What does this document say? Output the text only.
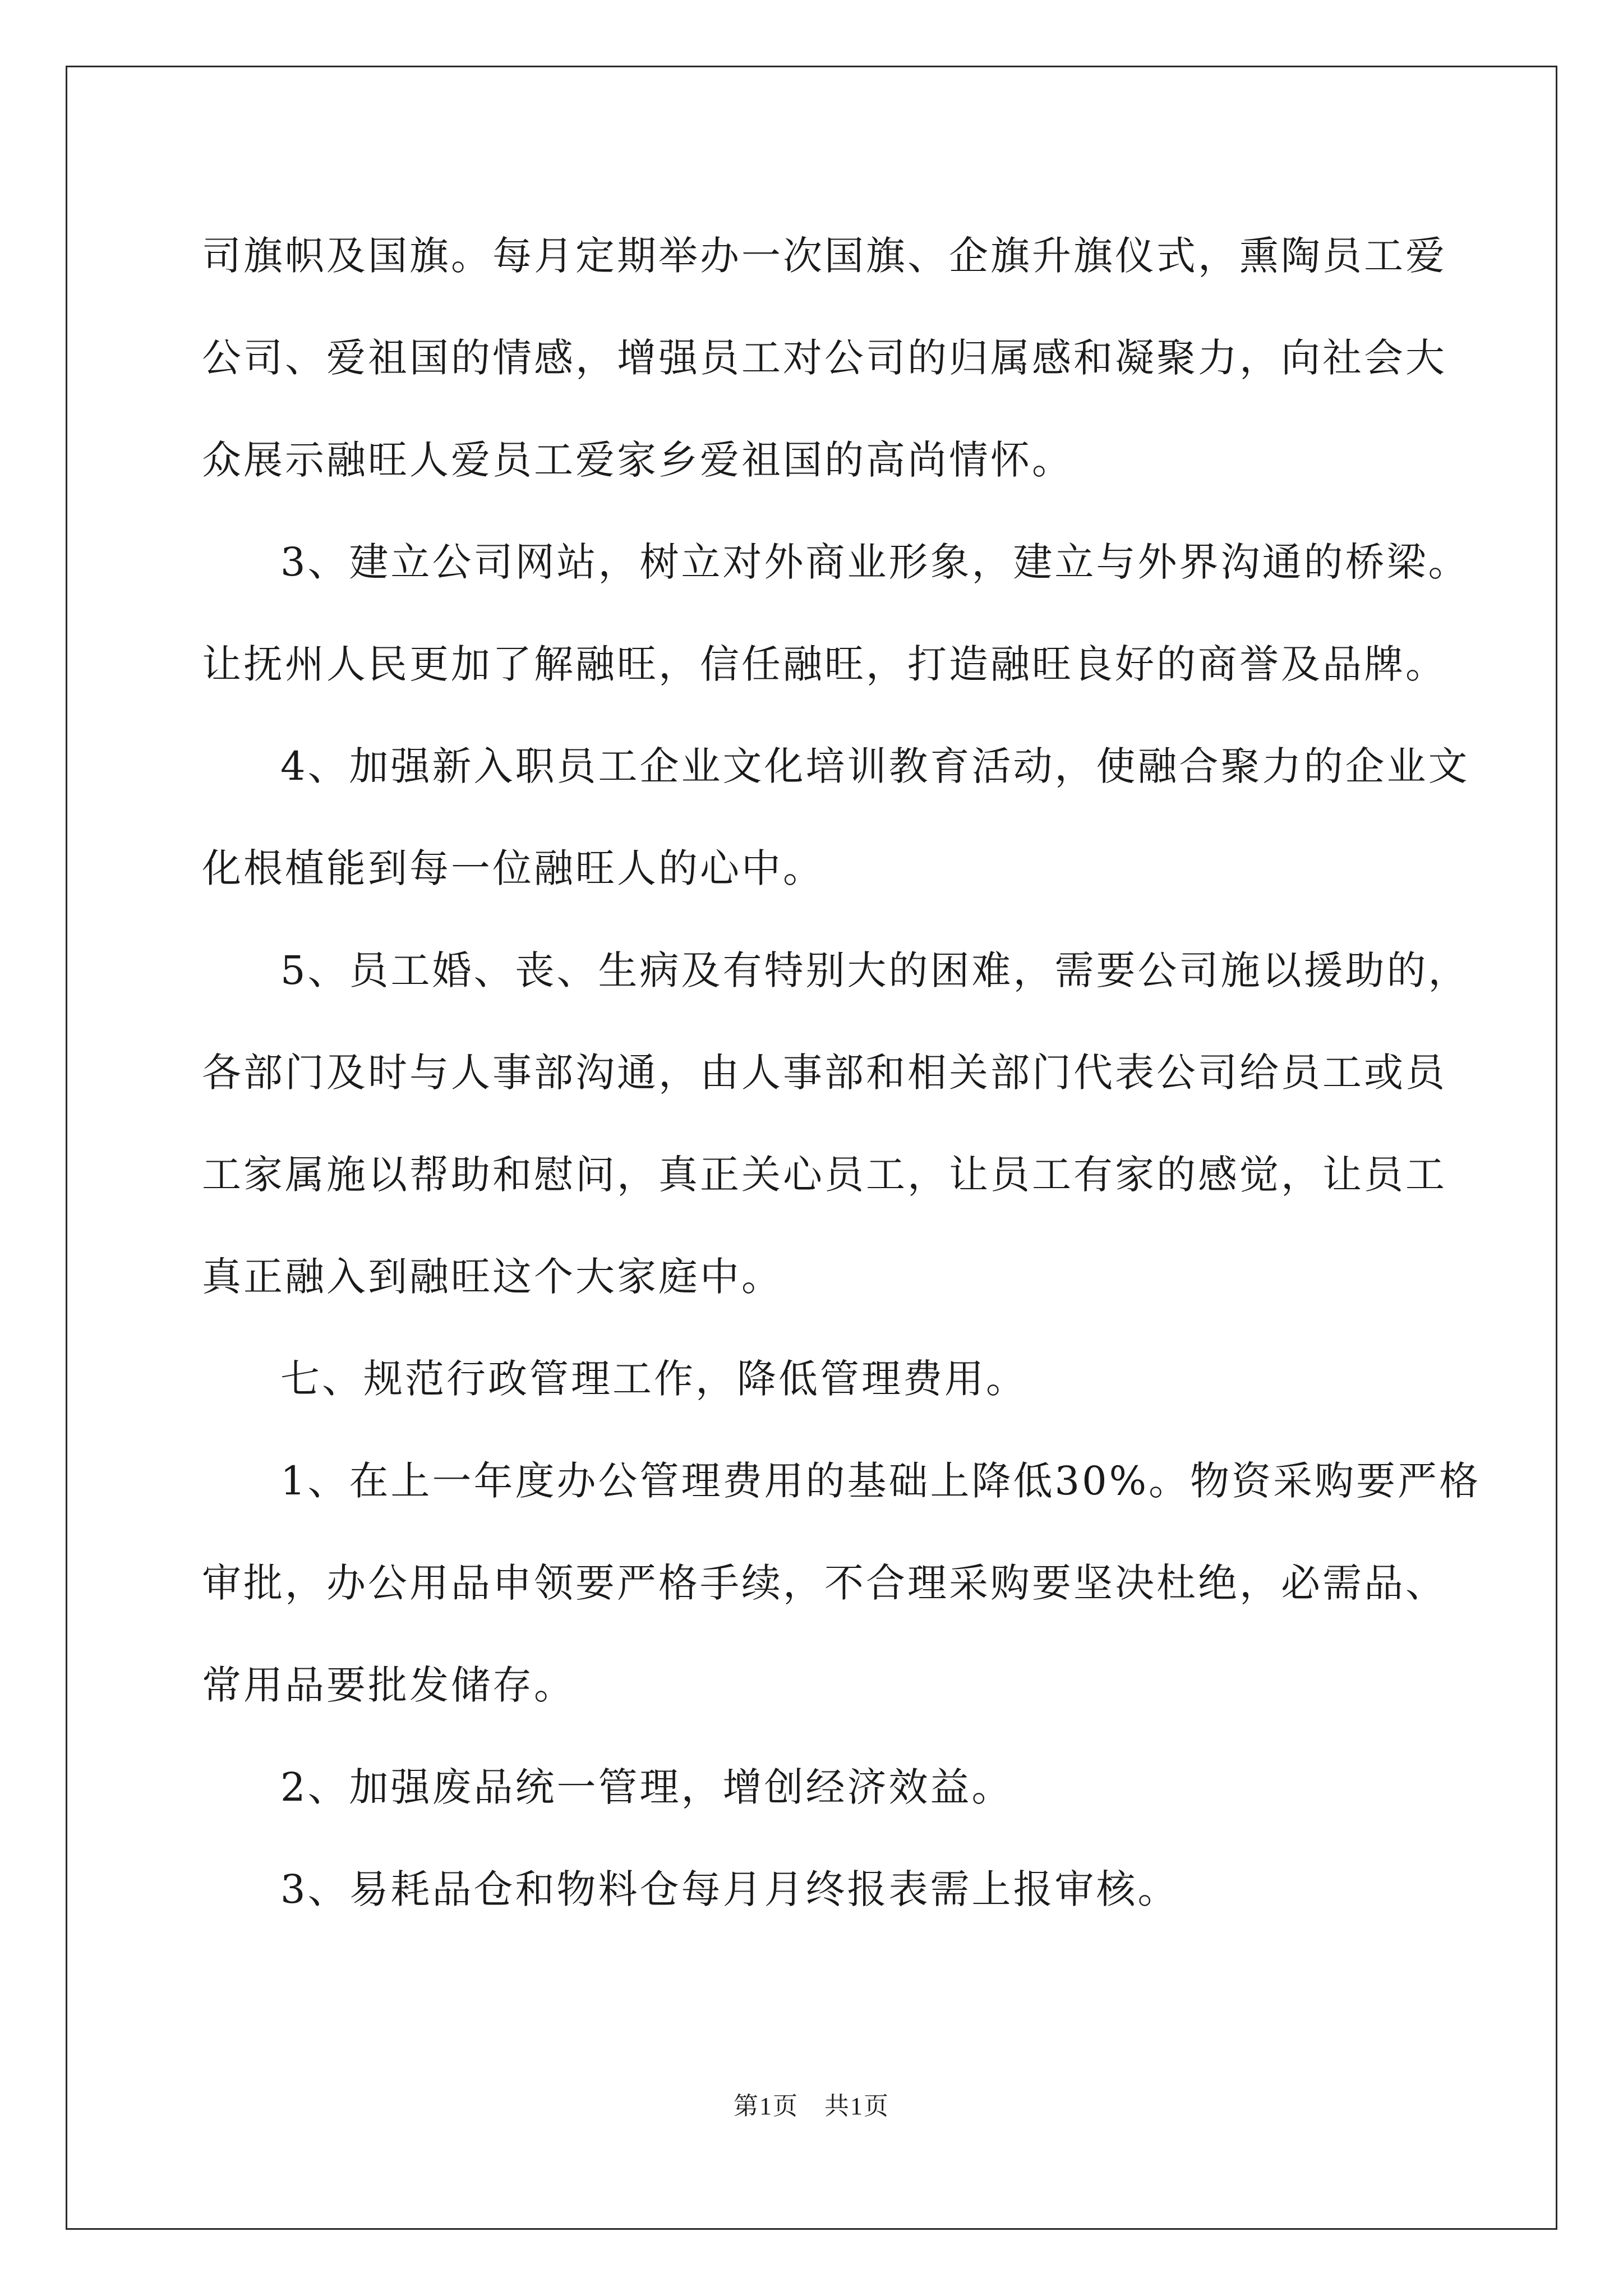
司旗帜及国旗。每月定期举办一次国旗、企旗升旗仪式，熏陶员工爱
公司、爱祖国的情感，增强员工对公司的归属感和凝聚力，向社会大
众展示融旺人爱员工爱家乡爱祖国的高尚情怀。
3、建立公司网站，树立对外商业形象，建立与外界沟通的桥梁。
让抚州人民更加了解融旺，信任融旺，打造融旺良好的商誉及品牌。
4、加强新入职员工企业文化培训教育活动，使融合聚力的企业文
化根植能到每一位融旺人的心中。
5、员工婚、丧、生病及有特别大的困难，需要公司施以援助的，
各部门及时与人事部沟通，由人事部和相关部门代表公司给员工或员
工家属施以帮助和慰问，真正关心员工，让员工有家的感觉，让员工
真正融入到融旺这个大家庭中。
七、规范行政管理工作，降低管理费用。
1、在上一年度办公管理费用的基础上降低30%。物资采购要严格
审批，办公用品申领要严格手续，不合理采购要坚决杜绝，必需品、
常用品要批发储存。
2、加强废品统一管理，增创经济效益。
3、易耗品仓和物料仓每月月终报表需上报审核。
第1页　共1页
